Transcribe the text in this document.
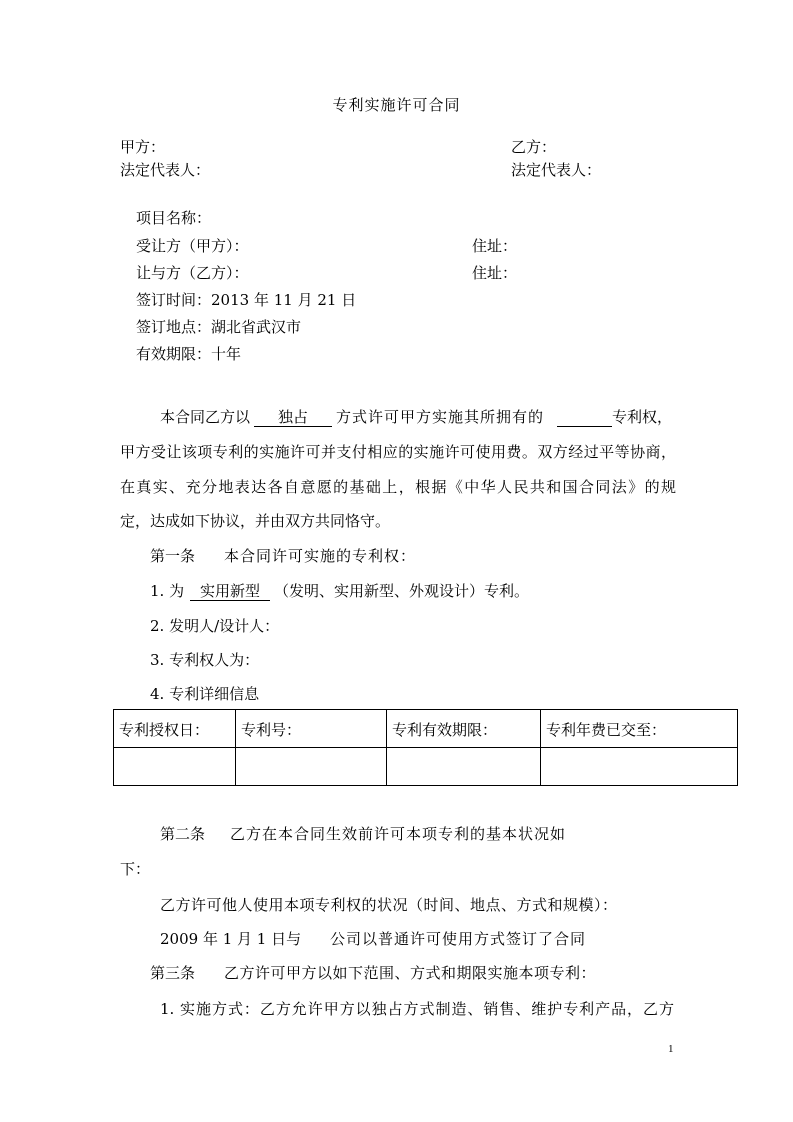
专利实施许可合同
甲方：	乙方：
法定代表人：	法定代表人：
项目名称：
受让方（甲方）：	住址：
让与方（乙方）：	住址：
签订时间：2013 年 11 月 21 日
签订地点：湖北省武汉市
有效期限：十年
本合同乙方以	独占	方式许可甲方实施其所拥有的	专利权，
甲方受让该项专利的实施许可并支付相应的实施许可使用费。双方经过平等协商，
在真实、充分地表达各自意愿的基础上，根据《中华人民共和国合同法》的规
定，达成如下协议，并由双方共同恪守。
第一条 本合同许可实施的专利权：
1. 为	实用新型 （发明、实用新型、外观设计）专利。
2. 发明人/设计人：
3. 专利权人为：
4. 专利详细信息
专利授权日：	专利号：	专利有效期限：	专利年费已交至：

第二条 乙方在本合同生效前许可本项专利的基本状况如
下：
乙方许可他人使用本项专利权的状况（时间、地点、方式和规模）：
2009 年 1 月 1 日与 公司以普通许可使用方式签订了合同
第三条 乙方许可甲方以如下范围、方式和期限实施本项专利：
1. 实施方式：乙方允许甲方以独占方式制造、销售、维护专利产品，乙方
1
